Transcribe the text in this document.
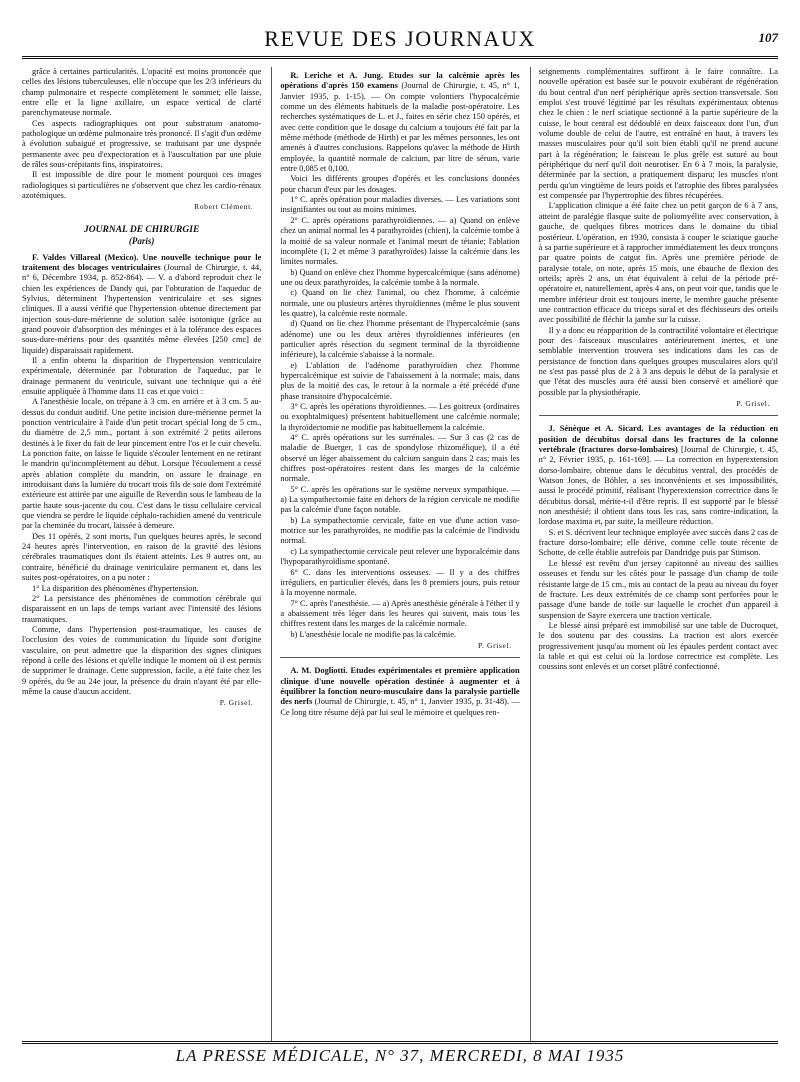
REVUE DES JOURNAUX	107

grâce à certaines particularités. L'opacité est moins prononcée que celles des lésions tuberculeuses, elle n'occupe que les 2/3 inférieurs du champ pulmonaire et respecte complètement le sommet; elle laisse, entre elle et la ligne axillaire, un espace vertical de clarté parenchymateuse normale.

Ces aspects radiographiques ont pour substratum anatomo-pathologique un œdème pulmonaire très prononcé. Il s'agit d'un œdème à évolution subaiguë et progressive, se traduisant par une dyspnée permanente avec peu d'expectoration et à l'auscultation par une pluie de râles sous-crépitants fins, inspiratoires.

Il est impossible de dire pour le moment pourquoi ces images radiologiques si particulières ne s'observent que chez les cardio-rénaux azotémiques.

Robert Clément.
JOURNAL DE CHIRURGIE
(Paris)

F. Valdes Villareal (Mexico). Une nouvelle technique pour le traitement des blocages ventriculaires (Journal de Chirurgie, t. 44, n° 6, Décembre 1934, p. 852-864). — V. a d'abord reproduit chez le chien les expériences de Dandy qui, par l'obturation de l'aqueduc de Sylvius, déterminent l'hypertension ventriculaire et ses signes cliniques. Il a aussi vérifié que l'hypertension obtenue directement par injection sous-dure-mérienne de solution salée isotonique (grâce au grand pouvoir d'absorption des méninges et à la tolérance des espaces sous-dure-mériens pour des quantités même élevées [250 cmc] de liquide) disparaissait rapidement.

Il a enfin obtenu la disparition de l'hypertension ventriculaire expérimentale, déterminée par l'obturation de l'aqueduc, par le drainage permanent du ventricule, suivant une technique qui a été ensuite appliquée à l'homme dans 11 cas et que voici :

A l'anesthésie locale, on trépane à 3 cm. en arrière et à 3 cm. 5 au-dessus du conduit auditif. Une petite incision dure-mérienne permet la ponction ventriculaire à l'aide d'un petit trocart spécial long de 5 cm., du diamètre de 2,5 mm., portant à son extrémité 2 petits ailerons destinés à le fixer du fait de leur pincement entre l'os et le cuir chevelu. La ponction faite, on laisse le liquide s'écouler lentement en ne retirant le mandrin qu'incomplètement au début. Lorsque l'écoulement a cessé après ablation complète du mandrin, on assure le drainage en introduisant dans la lumière du trocart trois fils de soie dont l'extrémité extérieure est attirée par une aiguille de Reverdin sous le lambeau de la partie haute sous-jacente du cou. C'est dans le tissu cellulaire cervical que viendra se perdre le liquide céphalo-rachidien amené du ventricule par la cheminée du trocart, laissée à demeure.

Des 11 opérés, 2 sont morts, l'un quelques heures après, le second 24 heures après l'intervention, en raison de la gravité des lésions cérébrales traumatiques dont ils étaient atteints. Les 9 autres ont, au contraire, bénéficié du drainage ventriculaire permanent et, dans les suites post-opératoires, on a pu noter :

1° La disparition des phénomènes d'hypertension.

2° La persistance des phénomènes de commotion cérébrale qui disparaissent en un laps de temps variant avec l'intensité des lésions traumatiques.

Comme, dans l'hypertension post-traumatique, les causes de l'occlusion des voies de communication du liquide sont d'origine vasculaire, on peut admettre que la disparition des signes cliniques répond à celle des lésions et qu'elle indique le moment où il est permis de supprimer le drainage. Cette suppression, facile, a été faite chez les 9 opérés, du 9e au 24e jour, la présence du drain n'ayant été par elle-même la cause d'aucun accident.

P. Grisel.

R. Leriche et A. Jung. Etudes sur la calcémie après les opérations d'après 150 examens (Journal de Chirurgie, t. 45, n° 1, Janvier 1935, p. 1-15). — On compte volontiers l'hypocalcémie comme un des éléments habituels de la maladie post-opératoire. Les recherches systématiques de L. et J., faites en série chez 150 opérés, et avec cette condition que le dosage du calcium a toujours été fait par la même méthode (méthode de Hirth) et par les mêmes personnes, les ont amenés à d'autres conclusions. Rappelons qu'avec la méthode de Hirth employée, la quantité normale de calcium, par litre de sérum, varie entre 0,085 et 0,100.

Voici les différents groupes d'opérés et les conclusions données pour chacun d'eux par les dosages.

1° C. après opération pour maladies diverses. — Les variations sont insignifiantes ou tout au moins minimes.

2° C. après opérations parathyroïdiennes. — a) Quand on enlève chez un animal normal les 4 parathyroïdes (chien), la calcémie tombe à la moitié de sa valeur normale et l'animal meurt de tétanie; l'ablation incomplète (1, 2 et même 3 parathyroïdes) laisse la calcémie dans les limites normales.

b) Quand on enlève chez l'homme hypercalcémique (sans adénome) une ou deux parathyroïdes, la calcémie tombe à la normale.

c) Quand on lie chez l'animal, ou chez l'homme, à calcémie normale, une ou plusieurs artères thyroïdiennes (même le plus souvent les quatre), la calcémie reste normale.

d) Quand on lie chez l'homme présentant de l'hypercalcémie (sans adénome) une ou les deux artères thyroïdiennes inférieures (en particulier après résection du segment terminal de la thyroïdienne inférieure), la calcémie s'abaisse à la normale.

e) L'ablation de l'adénome parathyroïdien chez l'homme hypercalcémique est suivie de l'abaissement à la normale; mais, dans plus de la moitié des cas, le retour à la normale a été précédé d'une phase transitoire d'hypocalcémie.

3° C. après les opérations thyroïdiennes. — Les goitreux (ordinaires ou exophtalmiques) présentent habituellement une calcémie normale; la thyroïdectomie ne modifie pas habituellement la calcémie.

4° C. après opérations sur les surrénales. — Sur 3 cas (2 cas de maladie de Buerger, 1 cas de spondylose rhizomélique), il a été observé un léger abaissement du calcium sanguin dans 2 cas; mais les chiffres post-opératoires restent dans les marges de la calcémie normale.

5° C. après les opérations sur le système nerveux sympathique. — a) La sympathectomie faite en dehors de la région cervicale ne modifie pas la calcémie d'une façon notable.

b) La sympathectomie cervicale, faite en vue d'une action vaso-motrice sur les parathyroïdes, ne modifie pas la calcémie de l'individu normal.

c) La sympathectomie cervicale peut relever une hypocalcémie dans l'hypoparathyroïdisme spontané.

6° C. dans les interventions osseuses. — Il y a des chiffres irréguliers, en particulier élevés, dans les 8 premiers jours, puis retour à la moyenne normale.

7° C. après l'anesthésie. — a) Après anesthésie générale à l'éther il y a abaissement très léger dans les heures qui suivent, mais tous les chiffres restent dans les marges de la calcémie normale.

b) L'anesthésie locale ne modifie pas la calcémie.

P. Grisel.

A. M. Dogliotti. Etudes expérimentales et première application clinique d'une nouvelle opération destinée à augmenter et à équilibrer la fonction neuro-musculaire dans la paralysie partielle des nerfs (Journal de Chirurgie, t. 45, n° 1, Janvier 1935, p. 31-48). — Ce long titre résume déjà par lui seul le mémoire et quelques ren-

seignements complémentaires suffiront à le faire connaître. La nouvelle opération est basée sur le pouvoir exubérant de régénération du bout central d'un nerf périphérique après section transversale. Son emploi s'est trouvé légitimé par les résultats expérimentaux obtenus chez le chien : le nerf sciatique sectionné à la partie supérieure de la cuisse, le bout central est dédoublé en deux faisceaux dont l'un, d'un volume double de celui de l'autre, est entraîné en haut, à travers les masses musculaires pour qu'il soit bien établi qu'il ne prend aucune part à la régénération; le faisceau le plus grêle est suturé au bout périphérique du nerf qu'il doit neurotiser. En 6 à 7 mois, la paralysie, déterminée par la section, a pratiquement disparu; les muscles n'ont perdu qu'un vingtième de leurs poids et l'atrophie des fibres paralysées est compensée par l'hypertrophie des fibres récupérées.

L'application clinique a été faite chez un petit garçon de 6 à 7 ans, atteint de paralégie flasque suite de poliomyélite avec conservation, à gauche, de quelques fibres motrices dans le domaine du tibial postérieur. L'opération, en 1930, consista à couper le sciatique gauche à sa partie supérieure et à rapprocher immédiatement les deux tronçons par quatre points de catgut fin. Après une première période de paralysie totale, on note, après 15 mois, une ébauche de flexion des orteils; après 2 ans, un état équivalent à celui de la période pré-opératoire et, naturellement, après 4 ans, on peut voir que, tandis que le membre inférieur droit est toujours inerte, le membre gauche présente une contraction efficace du triceps sural et des fléchisseurs des orteils avec possibilité de fléchir la jambe sur la cuisse.

Il y a donc eu réapparition de la contractilité volontaire et électrique pour des faisceaux musculaires antérieurement inertes, et une semblable intervention trouvera ses indications dans les cas de persistance de fonction dans quelques groupes musculaires alors qu'il ne s'est pas passé plus de 2 à 3 ans depuis le début de la paralysie et que l'état des muscles aura été aussi bien conservé et amélioré que possible par la physiothérapie.

P. Grisel.

J. Sénèque et A. Sicard. Les avantages de la réduction en position de décubitus dorsal dans les fractures de la colonne vertébrale (fractures dorso-lombaires) [Journal de Chirurgie, t. 45, n° 2, Février 1935, p. 161-169]. — La correction en hyperextension dorso-lombaire, obtenue dans le décubitus ventral, des procédés de Watson Jones, de Böhler, a ses inconvénients et ses impossibilités, aussi le procédé primitif, réalisant l'hyperextension correctrice dans le décubitus dorsal, mérite-t-il d'être repris. Il est supporté par le blessé non anesthésié; il obtient dans tous les cas, sans contre-indication, la lordose maxima et, par suite, la meilleure réduction.

S. et S. décrivent leur technique employée avec succès dans 2 cas de fracture dorso-lombaire; elle dérive, comme celle toute récente de Schotte, de celle établie autrefois par Dandridge puis par Stimson.

Le blessé est revêtu d'un jersey capitonné au niveau des saillies osseuses et fendu sur les côtés pour le passage d'un champ de toile résistante large de 15 cm., mis au contact de la peau au niveau du foyer de fracture. Les deux extrémités de ce champ sont perforées pour le passage d'une bande de toile sur laquelle le crochet d'un appareil à suspension de Sayre exercera une traction verticale.

Le blessé ainsi préparé est immobilisé sur une table de Ducroquet, le dos soutenu par des coussins. La traction est alors exercée progressivement jusqu'au moment où les épaules perdent contact avec la table et qui est celui où la lordose correctrice est complète. Les coussins sont enlevés et un corset plâtré confectionné.

LA PRESSE MÉDICALE, N° 37, MERCREDI, 8 MAI 1935
